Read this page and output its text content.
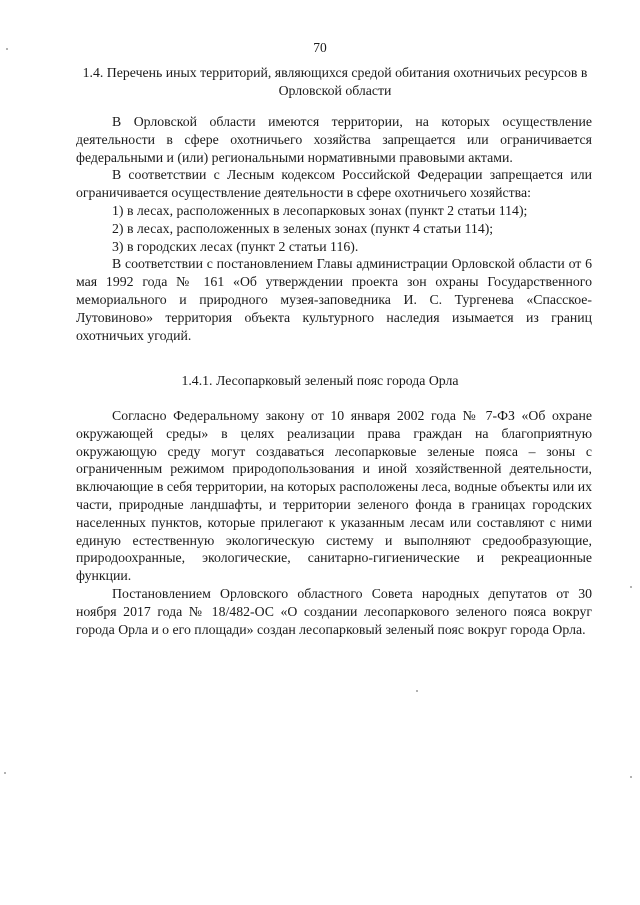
70
1.4. Перечень иных территорий, являющихся средой обитания охотничьих ресурсов в Орловской области

В Орловской области имеются территории, на которых осуществление деятельности в сфере охотничьего хозяйства запрещается или ограничивается федеральными и (или) региональными нормативными правовыми актами.

В соответствии с Лесным кодексом Российской Федерации запрещается или ограничивается осуществление деятельности в сфере охотничьего хозяйства:

1) в лесах, расположенных в лесопарковых зонах (пункт 2 статьи 114);

2) в лесах, расположенных в зеленых зонах (пункт 4 статьи 114);

3) в городских лесах (пункт 2 статьи 116).

В соответствии с постановлением Главы администрации Орловской области от 6 мая 1992 года № 161 «Об утверждении проекта зон охраны Государственного мемориального и природного музея-заповедника И. С. Тургенева «Спасское-Лутовиново» территория объекта культурного наследия изымается из границ охотничьих угодий.

1.4.1. Лесопарковый зеленый пояс города Орла

Согласно Федеральному закону от 10 января 2002 года № 7-ФЗ «Об охране окружающей среды» в целях реализации права граждан на благоприятную окружающую среду могут создаваться лесопарковые зеленые пояса – зоны с ограниченным режимом природопользования и иной хозяйственной деятельности, включающие в себя территории, на которых расположены леса, водные объекты или их части, природные ландшафты, и территории зеленого фонда в границах городских населенных пунктов, которые прилегают к указанным лесам или составляют с ними единую естественную экологическую систему и выполняют средообразующие, природоохранные, экологические, санитарно-гигиенические и рекреационные функции.

Постановлением Орловского областного Совета народных депутатов от 30 ноября 2017 года № 18/482-ОС «О создании лесопаркового зеленого пояса вокруг города Орла и о его площади» создан лесопарковый зеленый пояс вокруг города Орла.
